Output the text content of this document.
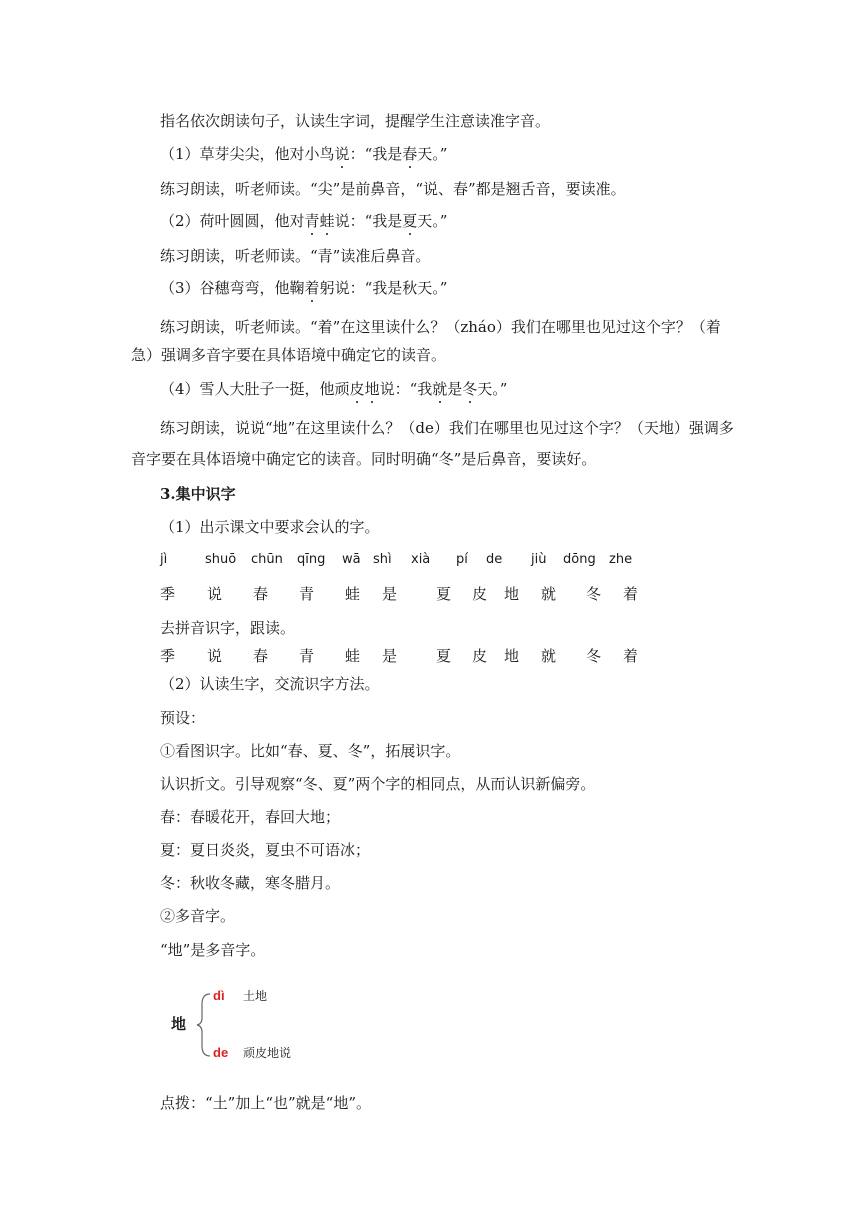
指名依次朗读句子，认读生字词，提醒学生注意读准字音。
（1）草芽尖尖，他对小鸟说：“我是春天。”
练习朗读，听老师读。“尖”是前鼻音，“说、春”都是翘舌音，要读准。
（2）荷叶圆圆，他对青蛙说：“我是夏天。”
练习朗读，听老师读。“青”读准后鼻音。
（3）谷穗弯弯，他鞠着躬说：“我是秋天。”
练习朗读，听老师读。“着”在这里读什么？（zháo）我们在哪里也见过这个字？（着急）强调多音字要在具体语境中确定它的读音。
（4）雪人大肚子一挺，他顽皮地说：“我就是冬天。”
练习朗读，说说“地”在这里读什么？（de）我们在哪里也见过这个字？（天地）强调多音字要在具体语境中确定它的读音。同时明确“冬”是后鼻音，要读好。
3.集中识字
（1）出示课文中要求会认的字。
jì	shuō chūn qīng wā shì xià pí de jiù dōng zhe
季 说 春 青 蛙 是	夏 皮 地 就 冬 着
去拼音识字，跟读。
季 说 春 青 蛙 是	夏 皮 地 就 冬 着
（2）认读生字，交流识字方法。
预设：
①看图识字。比如“春、夏、冬”，拓展识字。
认识折文。引导观察“冬、夏”两个字的相同点，从而认识新偏旁。
春：春暖花开，春回大地；
夏：夏日炎炎，夏虫不可语冰；
冬：秋收冬藏，寒冬腊月。
②多音字。
“地”是多音字。
地
dì 土地
de 顽皮地说
点拨：“土”加上“也”就是“地”。
